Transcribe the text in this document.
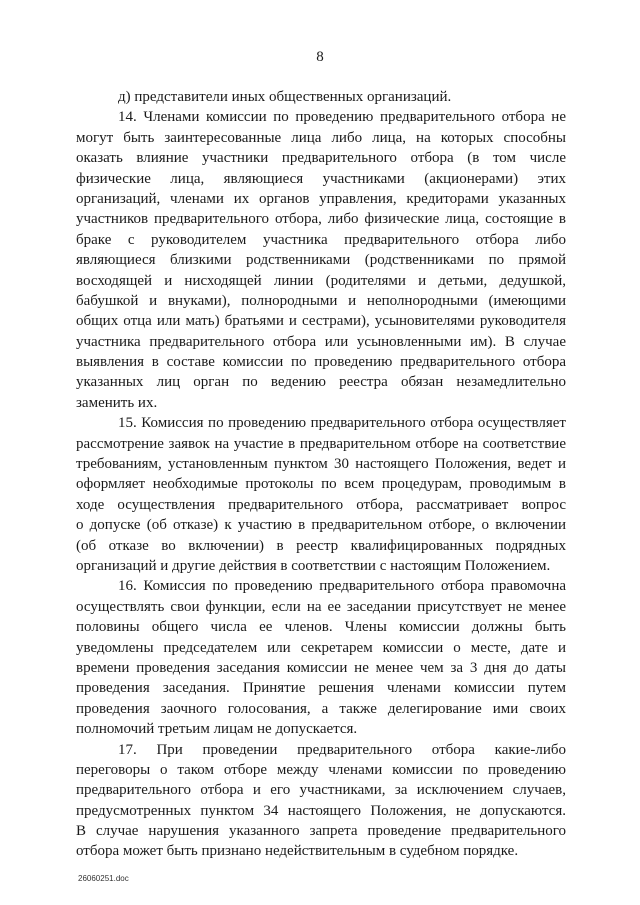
8
д) представители иных общественных организаций.
14. Членами комиссии по проведению предварительного отбора не
могут быть заинтересованные лица либо лица, на которых способны
оказать влияние участники предварительного отбора (в том числе
физические лица, являющиеся участниками (акционерами) этих
организаций, членами их органов управления, кредиторами указанных
участников предварительного отбора, либо физические лица, состоящие в
браке с руководителем участника предварительного отбора либо
являющиеся близкими родственниками (родственниками по прямой
восходящей и нисходящей линии (родителями и детьми, дедушкой,
бабушкой и внуками), полнородными и неполнородными (имеющими
общих отца или мать) братьями и сестрами), усыновителями руководителя
участника предварительного отбора или усыновленными им). В случае
выявления в составе комиссии по проведению предварительного отбора
указанных лиц орган по ведению реестра обязан незамедлительно
заменить их.
15. Комиссия по проведению предварительного отбора осуществляет
рассмотрение заявок на участие в предварительном отборе на соответствие
требованиям, установленным пунктом 30 настоящего Положения, ведет и
оформляет необходимые протоколы по всем процедурам, проводимым в
ходе осуществления предварительного отбора, рассматривает вопрос
о допуске (об отказе) к участию в предварительном отборе, о включении
(об отказе во включении) в реестр квалифицированных подрядных
организаций и другие действия в соответствии с настоящим Положением.
16. Комиссия по проведению предварительного отбора правомочна
осуществлять свои функции, если на ее заседании присутствует не менее
половины общего числа ее членов. Члены комиссии должны быть
уведомлены председателем или секретарем комиссии о месте, дате и
времени проведения заседания комиссии не менее чем за 3 дня до даты
проведения заседания. Принятие решения членами комиссии путем
проведения заочного голосования, а также делегирование ими своих
полномочий третьим лицам не допускается.
17. При проведении предварительного отбора какие-либо
переговоры о таком отборе между членами комиссии по проведению
предварительного отбора и его участниками, за исключением случаев,
предусмотренных пунктом 34 настоящего Положения, не допускаются.
В случае нарушения указанного запрета проведение предварительного
отбора может быть признано недействительным в судебном порядке.
26060251.doc
